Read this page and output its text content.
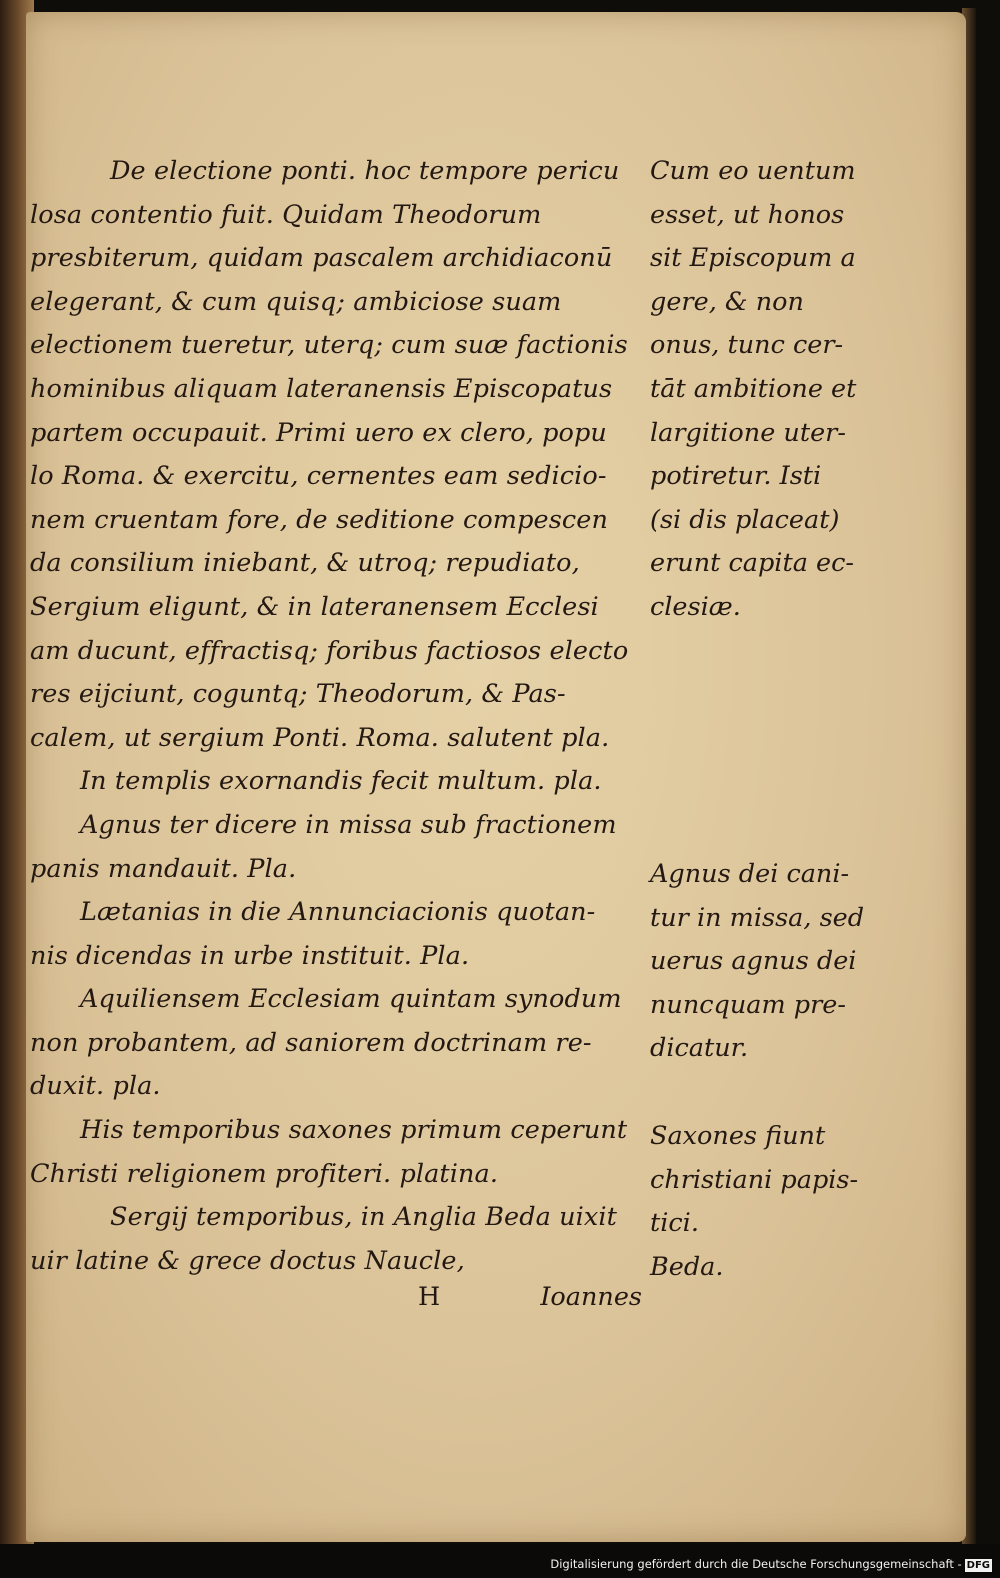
De electione ponti. hoc tempore pericu
losa contentio fuit. Quidam Theodorum
presbiterum, quidam pascalem archidiaconū
elegerant, & cum quisq; ambiciose suam
electionem tueretur, uterq; cum suæ factionis
hominibus aliquam lateranensis Episcopatus
partem occupauit. Primi uero ex clero, popu
lo Roma. & exercitu, cernentes eam sedicio-
nem cruentam fore, de seditione compescen
da consilium iniebant, & utroq; repudiato,
Sergium eligunt, & in lateranensem Ecclesi
am ducunt, effractisq; foribus factiosos electo
res eijciunt, coguntq; Theodorum, & Pas-
calem, ut sergium Ponti. Roma. salutent pla.
In templis exornandis fecit multum. pla.
Agnus ter dicere in missa sub fractionem
panis mandauit. Pla.
Lætanias in die Annunciacionis quotan-
nis dicendas in urbe instituit. Pla.
Aquiliensem Ecclesiam quintam synodum
non probantem, ad saniorem doctrinam re-
duxit. pla.
His temporibus saxones primum ceperunt
Christi religionem profiteri. platina.
Sergij temporibus, in Anglia Beda uixit
uir latine & grece doctus Naucle,
Cum eo uentum
esset, ut honos
sit Episcopum a
gere, & non
onus, tunc cer-
tāt ambitione et
largitione uter-
potiretur. Isti
(si dis placeat)
erunt capita ec-
clesiæ.
Agnus dei cani-
tur in missa, sed
uerus agnus dei
nuncquam pre-
dicatur.
Saxones fiunt
christiani papis-
tici.
Beda.
H	Ioannes
Digitalisierung gefördert durch die Deutsche Forschungsgemeinschaft - DFG
